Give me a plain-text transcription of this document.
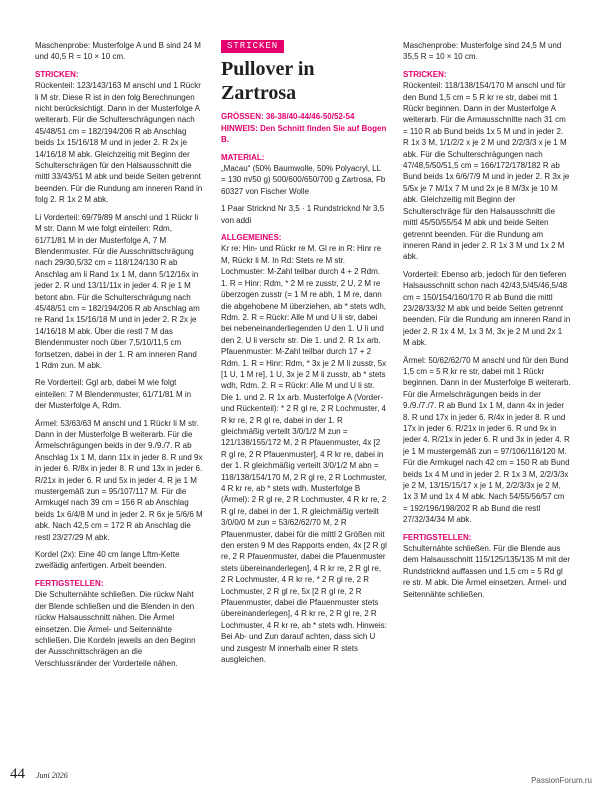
Maschenprobe: Musterfolge A und B sind 24 M und 40,5 R = 10 × 10 cm.

STRICKEN:

Rückenteil: 123/143/163 M anschl und 1 Rückr li M str. Diese R ist in den folg Berechnungen nicht berücksichtigt. Dann in der Musterfolge A weiterarb. Für die Schulterschrägungen nach 45/48/51 cm = 182/194/206 R ab Anschlag beids 1x 15/16/18 M und in jeder 2. R 2x je 14/16/18 M abk. Gleichzeitig mit Beginn der Schulterschrägen für den Halsausschnitt die mittl 33/43/51 M abk und beide Seiten getrennt beenden. Für die Rundung am inneren Rand in folg 2. R 1x 2 M abk.

Li Vorderteil: 69/79/89 M anschl und 1 Rückr li M str. Dann M wie folgt einteilen: Rdm, 61/71/81 M in der Musterfolge A, 7 M Blendenmuster. Für die Ausschnittschrägung nach 29/30,5/32 cm = 118/124/130 R ab Anschlag am li Rand 1x 1 M, dann 5/12/16x in jeder 2. R und 13/11/11x in jeder 4. R je 1 M betont abn. Für die Schulterschrägung nach 45/48/51 cm = 182/194/206 R ab Anschlag am re Rand 1x 15/16/18 M und in jeder 2. R 2x je 14/16/18 M abk. Über die restl 7 M das Blendenmuster noch über 7,5/10/11,5 cm fortsetzen, dabei in der 1. R am inneren Rand 1 Rdm zun. M abk.

Re Vorderteil: Ggl arb, dabei M wie folgt einteilen: 7 M Blendenmuster, 61/71/81 M in der Musterfolge A, Rdm.

Ärmel: 53/63/63 M anschl und 1 Rückr li M str. Dann in der Musterfolge B weiterarb. Für die Ärmelschrägungen beids in der 9./9./7. R ab Anschlag 1x 1 M, dann 11x in jeder 8. R und 9x in jeder 6. R/8x in jeder 8. R und 13x in jeder 6. R/21x in jeder 6. R und 5x in jeder 4. R je 1 M mustergemäß zun = 95/107/117 M. Für die Armkugel nach 39 cm = 156 R ab Anschlag beids 1x 6/4/8 M und in jeder 2. R 6x je 5/6/6 M abk. Nach 42,5 cm = 172 R ab Anschlag die restl 23/27/29 M abk.

Kordel (2x): Eine 40 cm lange Lftm-Kette zweifädig anfertigen. Arbeit beenden.

FERTIGSTELLEN:

Die Schulternähte schließen. Die rückw Naht der Blende schließen und die Blenden in den rückw Halsausschnitt nähen. Die Ärmel einsetzen. Die Ärmel- und Seitennähte schließen. Die Kordeln jeweils an den Beginn der Ausschnittschrägen an die Verschlussränder der Vorderteile nähen.

STRICKEN
Pullover in Zartrosa

GRÖSSEN: 36-38/40-44/46-50/52-54

HINWEIS: Den Schnitt finden Sie auf Bogen B.

MATERIAL:

„Macau“ (50% Baumwolle, 50% Polyacryl, LL = 130 m/50 g) 500/600/650/700 g Zartrosa, Fb 60327 von Fischer Wolle

1 Paar Stricknd Nr 3,5 · 1 Rundstricknd Nr 3,5 von addi

ALLGEMEINES:

Kr re: Hin- und Rückr re M. Gl re in R: Hinr re M, Rückr li M. In Rd: Stets re M str. Lochmuster: M-Zahl teilbar durch 4 + 2 Rdm. 1. R = Hinr: Rdm, * 2 M re zusstr, 2 U, 2 M re überzogen zusstr (= 1 M re abh, 1 M re, dann die abgehobene M überziehen, ab * stets wdh, Rdm. 2. R = Rückr: Alle M und U li str, dabei bei nebeneinanderliegenden U den 1. U li und den 2. U li verschr str. Die 1. und 2. R 1x arb. Pfauenmuster: M-Zahl teilbar durch 17 + 2 Rdm. 1. R = Hinr: Rdm, * 3x je 2 M li zusstr, 5x [1 U, 1 M re], 1 U, 3x je 2 M li zusstr, ab * stets wdh, Rdm. 2. R = Rückr: Alle M und U li str. Die 1. und 2. R 1x arb. Musterfolge A (Vorder- und Rückenteil): * 2 R gl re, 2 R Lochmuster, 4 R kr re, 2 R gl re, dabei in der 1. R gleichmäßig verteilt 3/0/1/2 M zun = 121/138/155/172 M, 2 R Pfauenmuster, 4x [2 R gl re, 2 R Pfauenmuster], 4 R kr re, dabei in der 1. R gleichmäßig verteilt 3/0/1/2 M abn = 118/138/154/170 M, 2 R gl re, 2 R Lochmuster, 4 R kr re, ab * stets wdh. Musterfolge B (Ärmel): 2 R gl re, 2 R Lochmuster, 4 R kr re, 2 R gl re, dabei in der 1. R gleichmäßig verteilt 3/0/0/0 M zun = 53/62/62/70 M, 2 R Pfauenmuster, dabei für die mittl 2 Größen mit den ersten 9 M des Rapports enden, 4x [2 R gl re, 2 R Pfauenmuster, dabei die Pfauenmuster stets übereinanderlegen], 4 R kr re, 2 R gl re, 2 R Lochmuster, 4 R kr re, * 2 R gl re, 2 R Lochmuster, 2 R gl re, 5x [2 R gl re, 2 R Pfauenmuster, dabei die Pfauenmuster stets übereinanderlegen], 4 R kr re, 2 R gl re, 2 R Lochmuster, 4 R kr re, ab * stets wdh. Hinweis: Bei Ab- und Zun darauf achten, dass sich U und zusgestr M innerhalb einer R stets ausgleichen.

Maschenprobe: Musterfolge sind 24,5 M und 35,5 R = 10 × 10 cm.

STRICKEN:

Rückenteil: 118/138/154/170 M anschl und für den Bund 1,5 cm = 5 R kr re str, dabei mit 1 Rückr beginnen. Dann in der Musterfolge A weiterarb. Für die Armausschnitte nach 31 cm = 110 R ab Bund beids 1x 5 M und in jeder 2. R 1x 3 M, 1/1/2/2 x je 2 M und 2/2/3/3 x je 1 M abk. Für die Schulterschrägungen nach 47/48,5/50/51,5 cm = 166/172/178/182 R ab Bund beids 1x 6/6/7/9 M und in jeder 2. R 3x je 5/5x je 7 M/1x 7 M und 2x je 8 M/3x je 10 M abk. Gleichzeitig mit Beginn der Schulterschräge für den Halsausschnitt die mittl 45/50/55/54 M abk und beide Seiten getrennt beenden. Für die Rundung am inneren Rand in jeder 2. R 1x 3 M und 1x 2 M abk.

Vorderteil: Ebenso arb, jedoch für den tieferen Halsausschnitt schon nach 42/43,5/45/46,5/48 cm = 150/154/160/170 R ab Bund die mittl 23/28/33/32 M abk und beide Seiten getrennt beenden. Für die Rundung am inneren Rand in jeder 2. R 1x 4 M, 1x 3 M, 3x je 2 M und 2x 1 M abk.

Ärmel: 50/62/62/70 M anschl und für den Bund 1,5 cm = 5 R kr re str, dabei mit 1 Rückr beginnen. Dann in der Musterfolge B weiterarb. Für die Ärmelschrägungen beids in der 9./9./7./7. R ab Bund 1x 1 M, dann 4x in jeder 8. R und 17x in jeder 6. R/4x in jeder 8. R und 17x in jeder 6. R/21x in jeder 6. R und 9x in jeder 4. R/21x in jeder 6. R und 3x in jeder 4. R je 1 M mustergemäß zun = 97/106/116/120 M. Für die Armkugel nach 42 cm = 150 R ab Bund beids 1x 4 M und in jeder 2. R 1x 3 M, 2/2/3/3x je 2 M, 13/15/15/17 x je 1 M, 2/2/3/3x je 2 M, 1x 3 M und 1x 4 M abk. Nach 54/55/56/57 cm = 192/196/198/202 R ab Bund die restl 27/32/34/34 M abk.

FERTIGSTELLEN:

Schulternähte schließen. Für die Blende aus dem Halsausschnitt 115/125/135/135 M mit der Rundstricknd auffassen und 1,5 cm = 5 Rd gl re str. M abk. Die Ärmel einsetzen. Ärmel- und Seitennähte schließen.

44 Juni 2026
PassionForum.ru
